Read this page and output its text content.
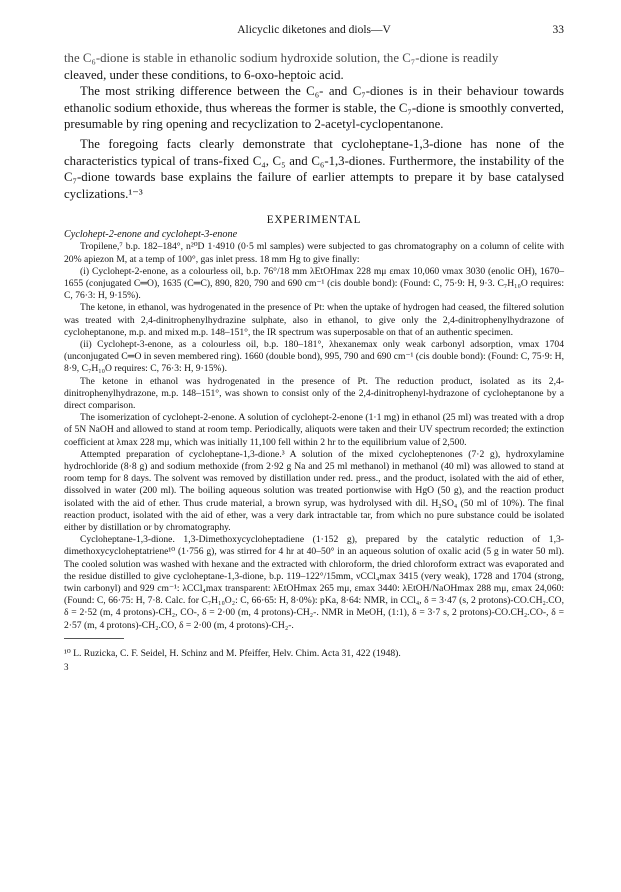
Alicyclic diketones and diols—V	33

the C₆-dione is stable in ethanolic sodium hydroxide solution, the C₇-dione is readily

cleaved, under these conditions, to 6-oxo-heptoic acid.

The most striking difference between the C₆- and C₇-diones is in their behaviour towards ethanolic sodium ethoxide, thus whereas the former is stable, the C₇-dione is smoothly converted, presumable by ring opening and recyclization to 2-acetyl-cyclopentanone.

The foregoing facts clearly demonstrate that cycloheptane-1,3-dione has none of the characteristics typical of trans-fixed C₄, C₅ and C₆-1,3-diones. Furthermore, the instability of the C₇-dione towards base explains the failure of earlier attempts to prepare it by base catalysed cyclizations.¹⁻³

EXPERIMENTAL

Cyclohept-2-enone and cyclohept-3-enone

Tropilene,⁷ b.p. 182–184°, n²⁰D 1·4910 (0·5 ml samples) were subjected to gas chromatography on a column of celite with 20% apiezon M, at a temp of 100°, gas inlet press. 18 mm Hg to give finally:

(i) Cyclohept-2-enone, as a colourless oil, b.p. 76°/18 mm λEtOHmax 228 mμ εmax 10,060 νmax 3030 (enolic OH), 1670–1655 (conjugated C═O), 1635 (C═C), 890, 820, 790 and 690 cm⁻¹ (cis double bond): (Found: C, 75·9: H, 9·3. C₇H₁₀O requires: C, 76·3: H, 9·15%).

The ketone, in ethanol, was hydrogenated in the presence of Pt: when the uptake of hydrogen had ceased, the filtered solution was treated with 2,4-dinitrophenylhydrazine sulphate, also in ethanol, to give only the 2,4-dinitrophenylhydrazone of cycloheptanone, m.p. and mixed m.p. 148–151°, the IR spectrum was superposable on that of an authentic specimen.

(ii) Cyclohept-3-enone, as a colourless oil, b.p. 180–181°, λhexanemax only weak carbonyl adsorption, νmax 1704 (unconjugated C═O in seven membered ring). 1660 (double bond), 995, 790 and 690 cm⁻¹ (cis double bond): (Found: C, 75·9: H, 8·9, C₇H₁₀O requires: C, 76·3: H, 9·15%).

The ketone in ethanol was hydrogenated in the presence of Pt. The reduction product, isolated as its 2,4-dinitrophenylhydrazone, m.p. 148–151°, was shown to consist only of the 2,4-dinitrophenyl-hydrazone of cycloheptanone by a direct comparison.

The isomerization of cyclohept-2-enone. A solution of cyclohept-2-enone (1·1 mg) in ethanol (25 ml) was treated with a drop of 5N NaOH and allowed to stand at room temp. Periodically, aliquots were taken and their UV spectrum recorded; the extinction coefficient at λmax 228 mμ, which was initially 11,100 fell within 2 hr to the equilibrium value of 2,500.

Attempted preparation of cycloheptane-1,3-dione.³ A solution of the mixed cycloheptenones (7·2 g), hydroxylamine hydrochloride (8·8 g) and sodium methoxide (from 2·92 g Na and 25 ml methanol) in methanol (40 ml) was allowed to stand at room temp for 8 days. The solvent was removed by distillation under red. press., and the product, isolated with the aid of ether, dissolved in water (200 ml). The boiling aqueous solution was treated portionwise with HgO (50 g), and the reaction product isolated with the aid of ether. Thus crude material, a brown syrup, was hydrolysed with dil. H₂SO₄ (50 ml of 10%). The final reaction product, isolated with the aid of ether, was a very dark intractable tar, from which no pure substance could be isolated either by distillation or by chromatography.

Cycloheptane-1,3-dione. 1,3-Dimethoxycycloheptadiene (1·152 g), prepared by the catalytic reduction of 1,3-dimethoxycycloheptatriene¹⁰ (1·756 g), was stirred for 4 hr at 40–50° in an aqueous solution of oxalic acid (5 g in water 50 ml). The cooled solution was washed with hexane and the extracted with chloroform, the dried chloroform extract was evaporated and the residue distilled to give cycloheptane-1,3-dione, b.p. 119–122°/15mm, νCCl₄max 3415 (very weak), 1728 and 1704 (strong, twin carbonyl) and 929 cm⁻¹: λCCl₄max transparent: λEtOHmax 265 mμ, εmax 3440: λEtOH/NaOHmax 288 mμ, εmax 24,060: (Found: C, 66·75: H, 7·8. Calc. for C₇H₁₀O₂: C, 66·65: H, 8·0%): pKa, 8·64: NMR, in CCl₄, δ = 3·47 (s, 2 protons)-CO.CH₂.CO, δ = 2·52 (m, 4 protons)-CH₂, CO-, δ = 2·00 (m, 4 protons)-CH₂-. NMR in MeOH, (1:1), δ = 3·7 s, 2 protons)-CO.CH₂.CO-, δ = 2·57 (m, 4 protons)-CH₂.CO, δ = 2·00 (m, 4 protons)-CH₂-.

¹⁰ L. Ruzicka, C. F. Seidel, H. Schinz and M. Pfeiffer, Helv. Chim. Acta 31, 422 (1948).

3
